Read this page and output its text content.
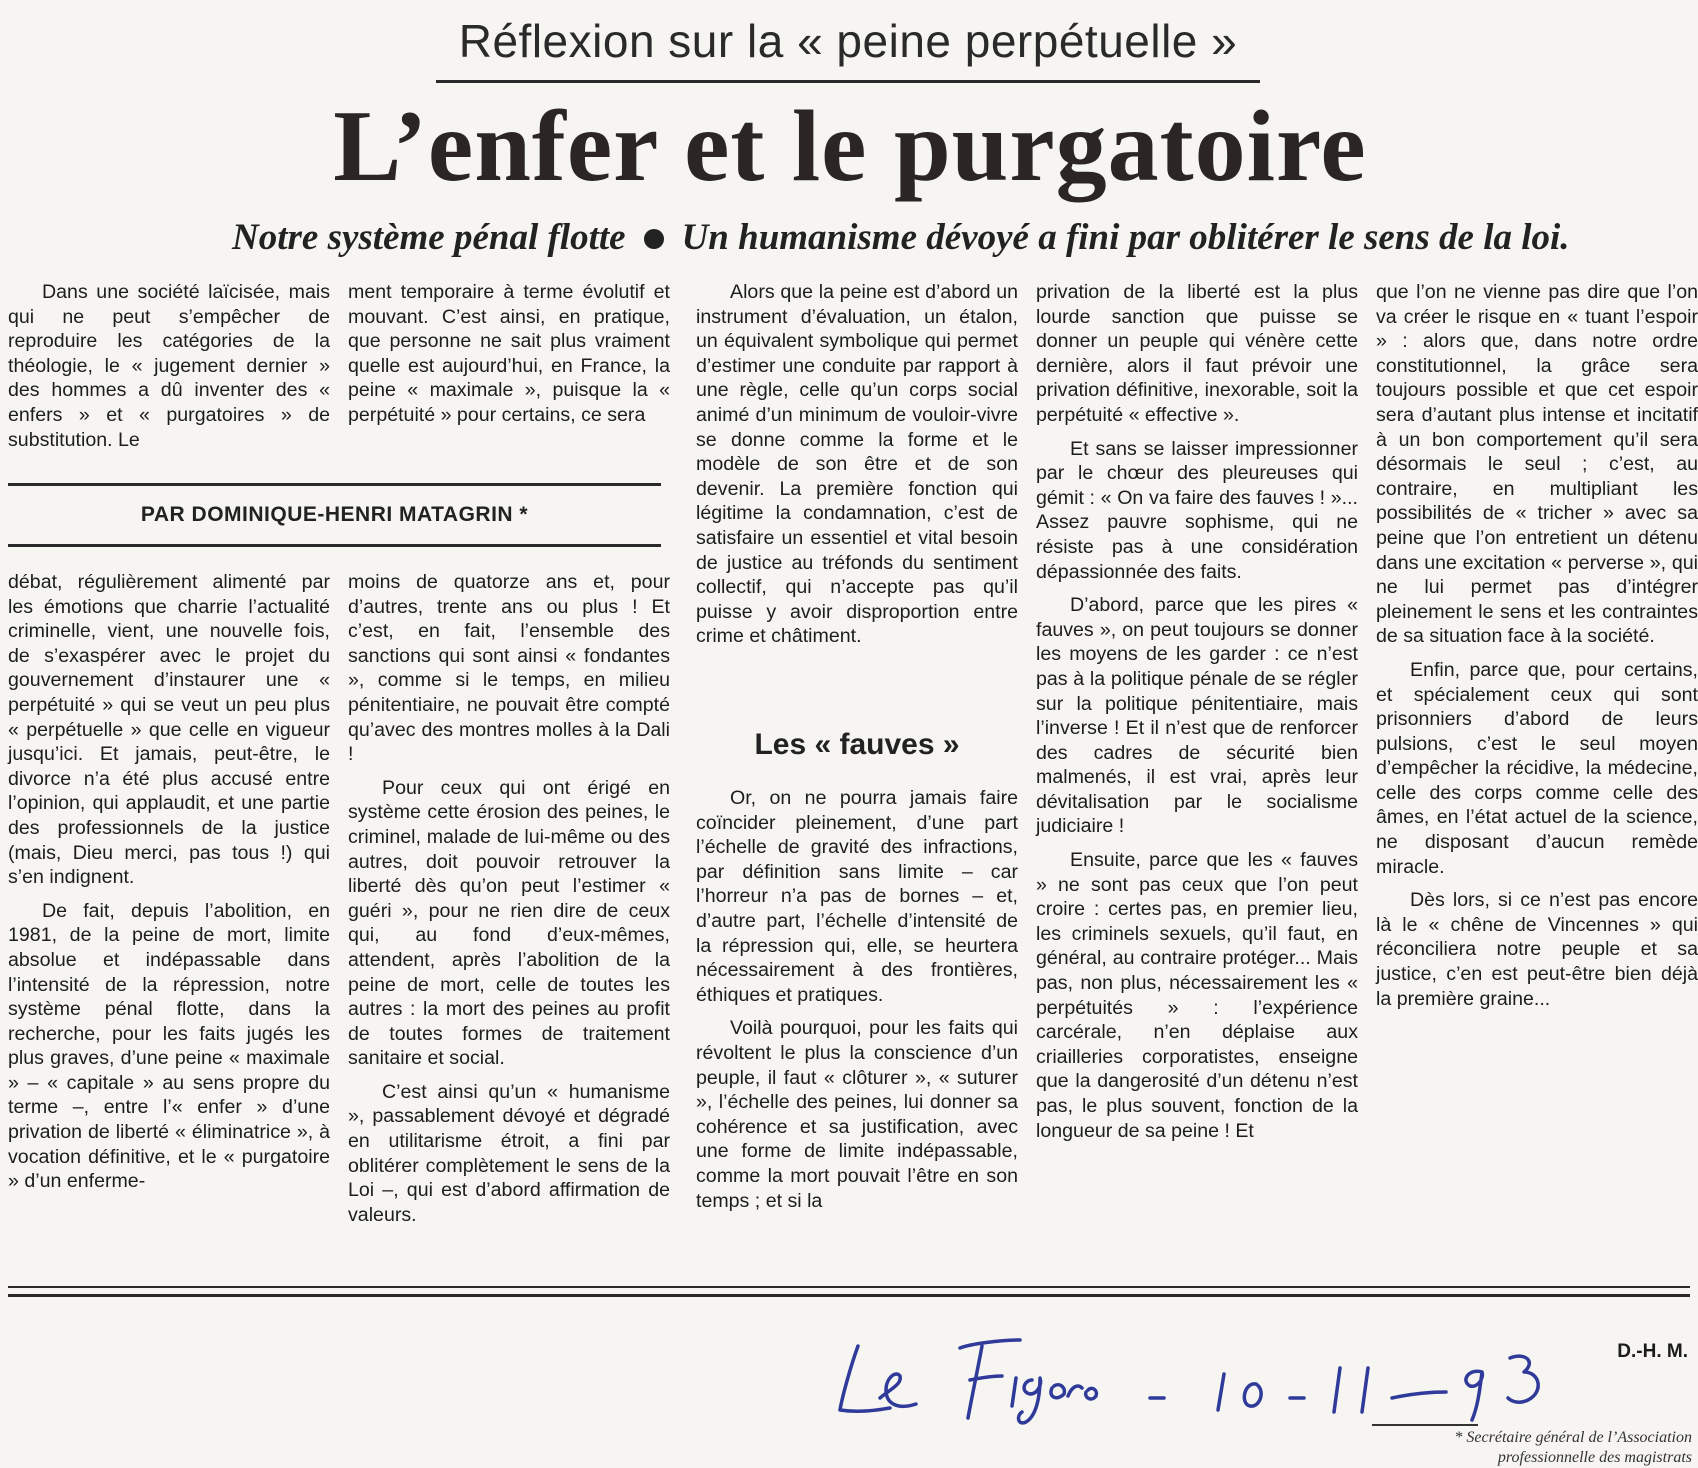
Réflexion sur la « peine perpétuelle »
L’enfer et le purgatoire
Notre système pénal flotte Un humanisme dévoyé a fini par oblitérer le sens de la loi.

Dans une société laïcisée, mais qui ne peut s’empêcher de reproduire les catégories de la théologie, le « jugement dernier » des hommes a dû inventer des « enfers » et « purgatoires » de substitution. Le

ment temporaire à terme évolutif et mouvant. C’est ainsi, en pratique, que personne ne sait plus vraiment quelle est aujourd’hui, en France, la peine « maximale », puisque la « perpétuité » pour certains, ce sera

PAR DOMINIQUE-HENRI MATAGRIN *

débat, régulièrement alimenté par les émotions que charrie l’actualité criminelle, vient, une nouvelle fois, de s’exaspérer avec le projet du gouvernement d’instaurer une « perpétuité » qui se veut un peu plus « perpétuelle » que celle en vigueur jusqu’ici. Et jamais, peut-être, le divorce n’a été plus accusé entre l’opinion, qui applaudit, et une partie des professionnels de la justice (mais, Dieu merci, pas tous !) qui s’en indignent.

De fait, depuis l’abolition, en 1981, de la peine de mort, limite absolue et indépassable dans l’intensité de la répression, notre système pénal flotte, dans la recherche, pour les faits jugés les plus graves, d’une peine « maximale » – « capitale » au sens propre du terme –, entre l’« enfer » d’une privation de liberté « éliminatrice », à vocation définitive, et le « purgatoire » d’un enferme-

moins de quatorze ans et, pour d’autres, trente ans ou plus ! Et c’est, en fait, l’ensemble des sanctions qui sont ainsi « fondantes », comme si le temps, en milieu pénitentiaire, ne pouvait être compté qu’avec des montres molles à la Dali !

Pour ceux qui ont érigé en système cette érosion des peines, le criminel, malade de lui-même ou des autres, doit pouvoir retrouver la liberté dès qu’on peut l’estimer « guéri », pour ne rien dire de ceux qui, au fond d’eux-mêmes, attendent, après l’abolition de la peine de mort, celle de toutes les autres : la mort des peines au profit de toutes formes de traitement sanitaire et social.

C’est ainsi qu’un « humanisme », passablement dévoyé et dégradé en utilitarisme étroit, a fini par oblitérer complètement le sens de la Loi –, qui est d’abord affirmation de valeurs.

Alors que la peine est d’abord un instrument d’évaluation, un étalon, un équivalent symbolique qui permet d’estimer une conduite par rapport à une règle, celle qu’un corps social animé d’un minimum de vouloir-vivre se donne comme la forme et le modèle de son être et de son devenir. La première fonction qui légitime la condamnation, c’est de satisfaire un essentiel et vital besoin de justice au tréfonds du sentiment collectif, qui n’accepte pas qu’il puisse y avoir disproportion entre crime et châtiment.

Les « fauves »

Or, on ne pourra jamais faire coïncider pleinement, d’une part l’échelle de gravité des infractions, par définition sans limite – car l’horreur n’a pas de bornes – et, d’autre part, l’échelle d’intensité de la répression qui, elle, se heurtera nécessairement à des frontières, éthiques et pratiques.

Voilà pourquoi, pour les faits qui révoltent le plus la conscience d’un peuple, il faut « clôturer », « suturer », l’échelle des peines, lui donner sa cohérence et sa justification, avec une forme de limite indépassable, comme la mort pouvait l’être en son temps ; et si la

privation de la liberté est la plus lourde sanction que puisse se donner un peuple qui vénère cette dernière, alors il faut prévoir une privation définitive, inexorable, soit la perpétuité « effective ».

Et sans se laisser impressionner par le chœur des pleureuses qui gémit : « On va faire des fauves ! »... Assez pauvre sophisme, qui ne résiste pas à une considération dépassionnée des faits.

D’abord, parce que les pires « fauves », on peut toujours se donner les moyens de les garder : ce n’est pas à la politique pénale de se régler sur la politique pénitentiaire, mais l’inverse ! Et il n’est que de renforcer des cadres de sécurité bien malmenés, il est vrai, après leur dévitalisation par le socialisme judiciaire !

Ensuite, parce que les « fauves » ne sont pas ceux que l’on peut croire : certes pas, en premier lieu, les criminels sexuels, qu’il faut, en général, au contraire protéger... Mais pas, non plus, nécessairement les « perpétuités » : l’expérience carcérale, n’en déplaise aux criailleries corporatistes, enseigne que la dangerosité d’un détenu n’est pas, le plus souvent, fonction de la longueur de sa peine ! Et

que l’on ne vienne pas dire que l’on va créer le risque en « tuant l’espoir » : alors que, dans notre ordre constitutionnel, la grâce sera toujours possible et que cet espoir sera d’autant plus intense et incitatif à un bon comportement qu’il sera désormais le seul ; c’est, au contraire, en multipliant les possibilités de « tricher » avec sa peine que l’on entretient un détenu dans une excitation « perverse », qui ne lui permet pas d’intégrer pleinement le sens et les contraintes de sa situation face à la société.

Enfin, parce que, pour certains, et spécialement ceux qui sont prisonniers d’abord de leurs pulsions, c’est le seul moyen d’empêcher la récidive, la médecine, celle des corps comme celle des âmes, en l’état actuel de la science, ne disposant d’aucun remède miracle.

Dès lors, si ce n’est pas encore là le « chêne de Vincennes » qui réconciliera notre peuple et sa justice, c’en est peut-être bien déjà la première graine...

D.-H. M.
Le Figaro - 10-11-93
* Secrétaire général de l’Association professionnelle des magistrats
